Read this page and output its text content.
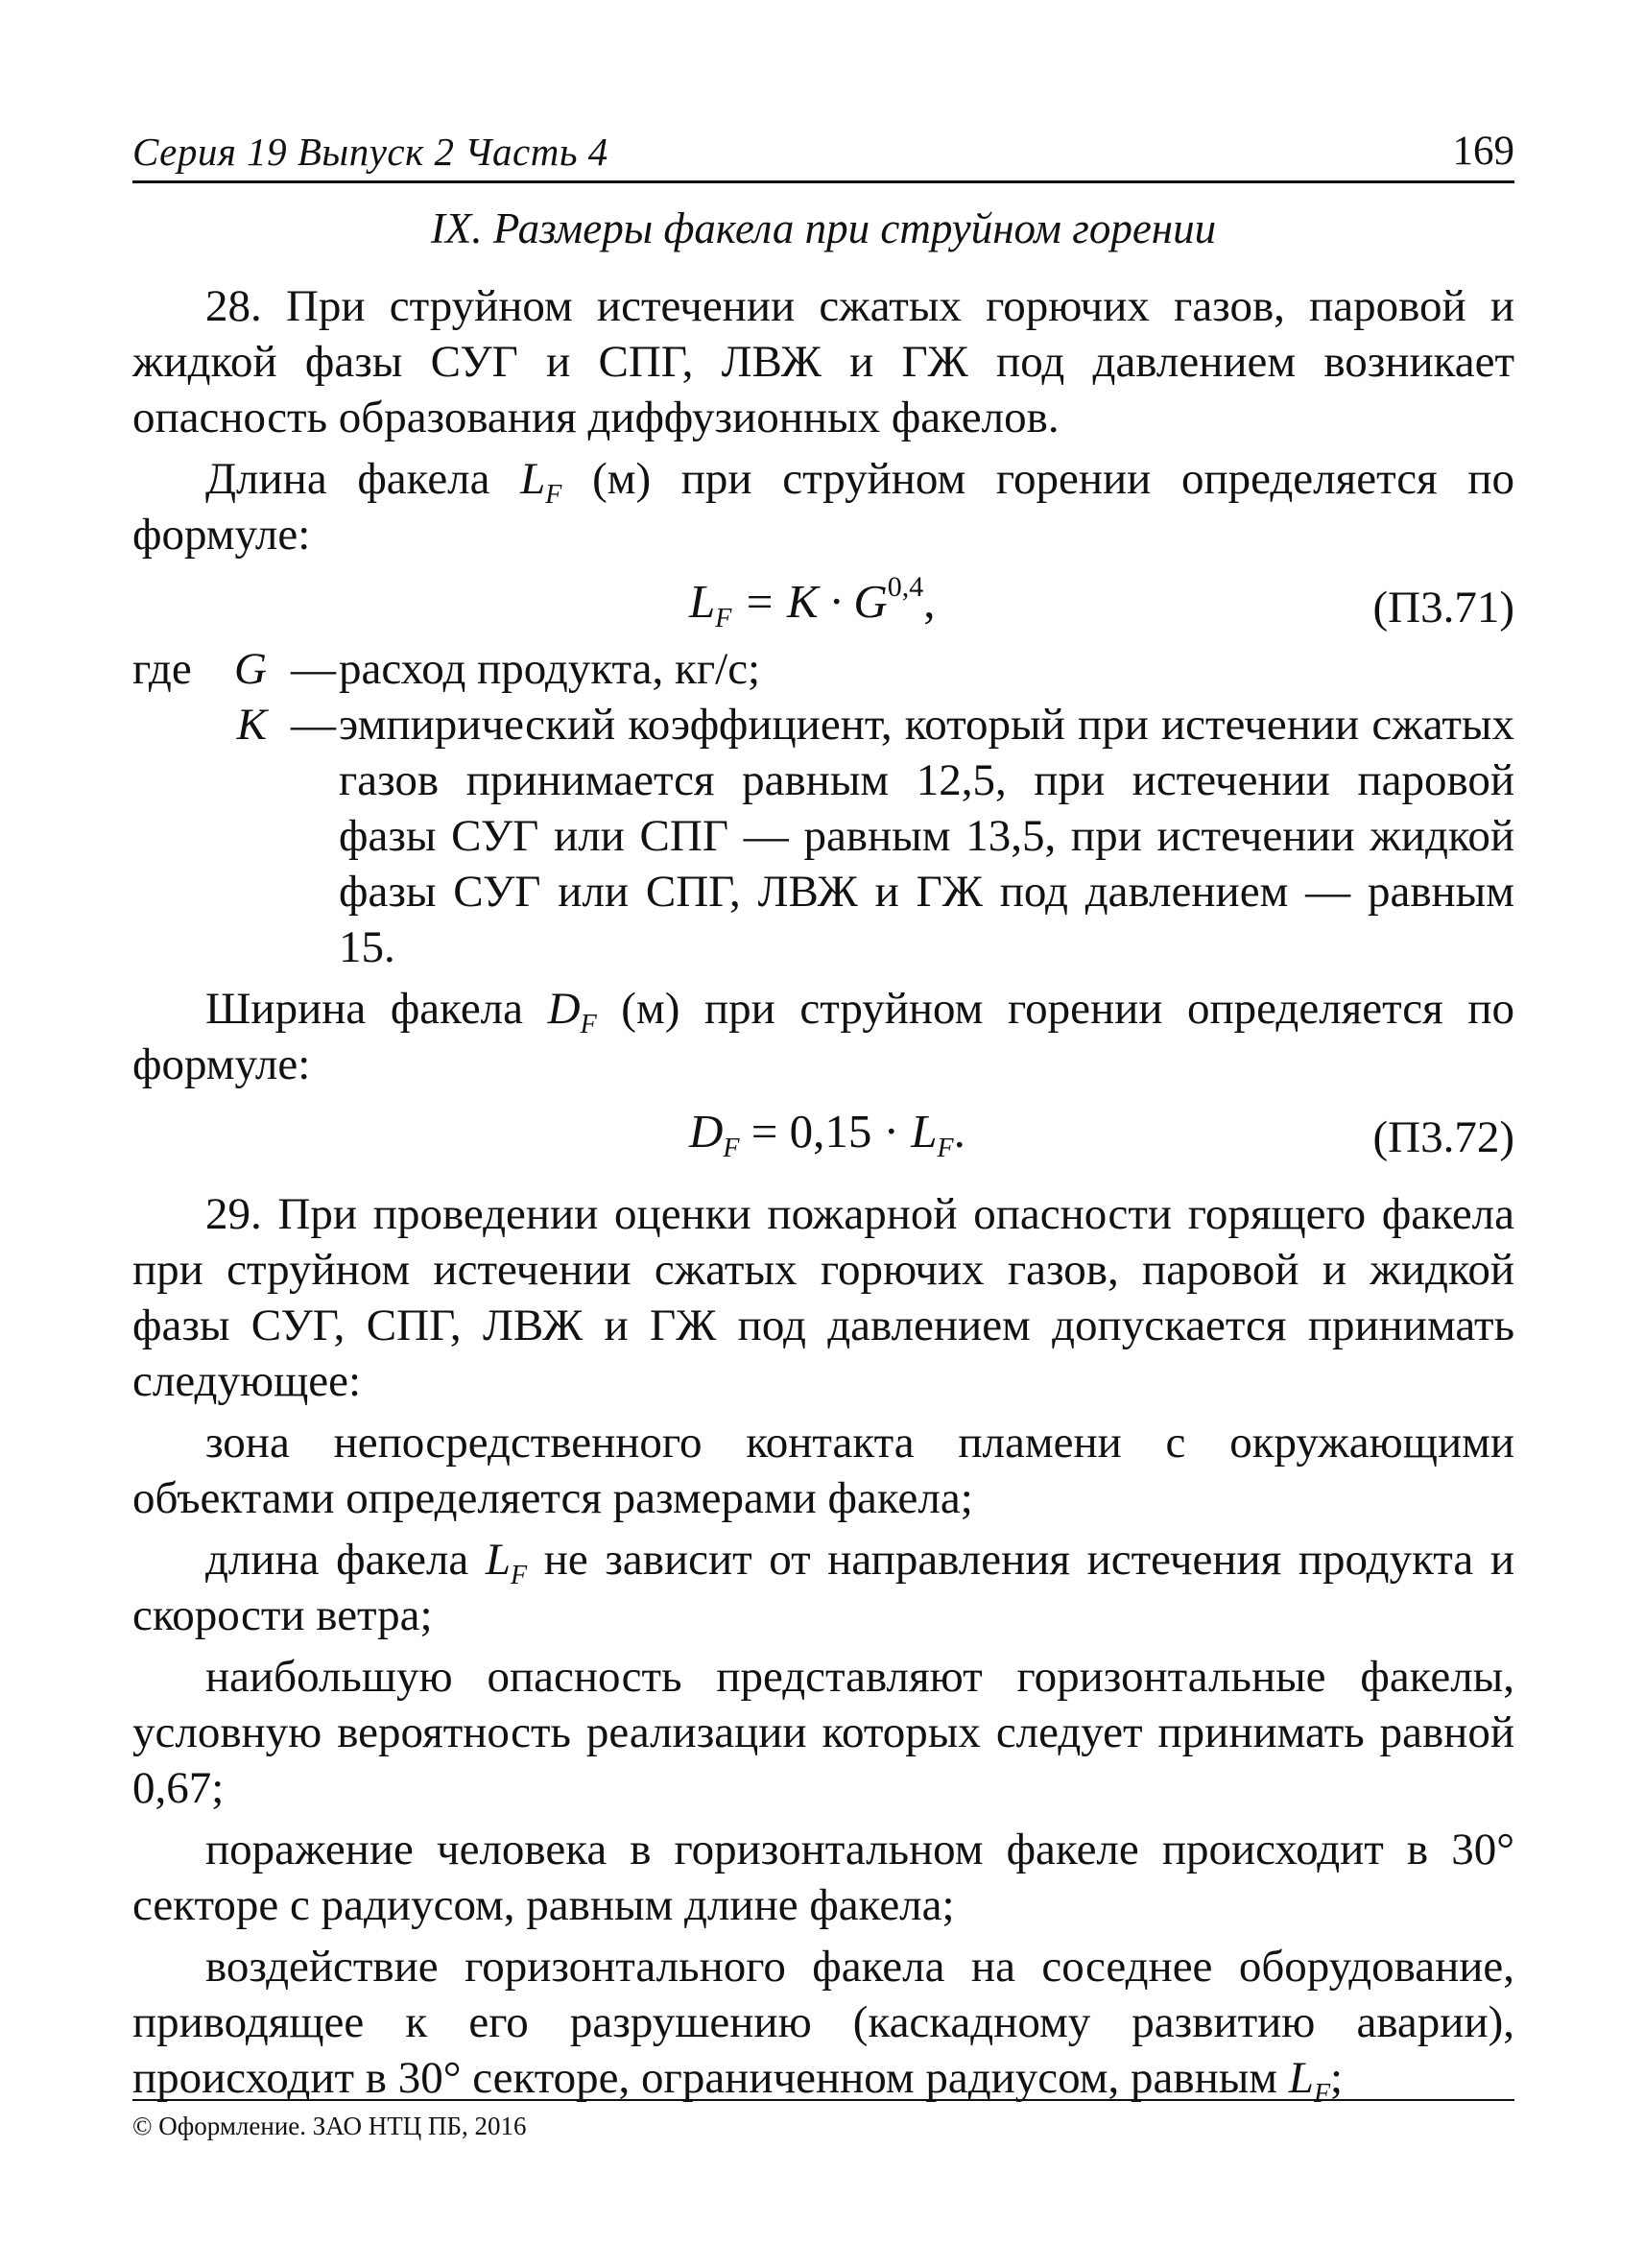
Серия 19 Выпуск 2 Часть 4	169
IX. Размеры факела при струйном горении

28. При струйном истечении сжатых горючих газов, паровой и жидкой фазы СУГ и СПГ, ЛВЖ и ГЖ под давлением возникает опасность образования диффузионных факелов.

Длина факела $L_F$ (м) при струйном горении определяется по формуле:

$L_F = K \cdot G^{0,4}$,	(П3.71)
где G —расход продукта, кг/с;
K —эмпирический коэффициент, который при истечении сжатых газов принимается равным 12,5, при истечении паровой фазы СУГ или СПГ — равным 13,5, при истечении жидкой фазы СУГ или СПГ, ЛВЖ и ГЖ под давлением — равным 15.

Ширина факела $D_F$ (м) при струйном горении определяется по формуле:

$D_F = 0,15 \cdot L_F$.	(П3.72)

29. При проведении оценки пожарной опасности горящего факела при струйном истечении сжатых горючих газов, паровой и жидкой фазы СУГ, СПГ, ЛВЖ и ГЖ под давлением допускается принимать следующее:

зона непосредственного контакта пламени с окружающими объектами определяется размерами факела;

длина факела $L_F$ не зависит от направления истечения продукта и скорости ветра;

наибольшую опасность представляют горизонтальные факелы, условную вероятность реализации которых следует принимать равной 0,67;

поражение человека в горизонтальном факеле происходит в 30° секторе с радиусом, равным длине факела;

воздействие горизонтального факела на соседнее оборудование, приводящее к его разрушению (каскадному развитию аварии), происходит в 30° секторе, ограниченном радиусом, равным $L_F$;

© Оформление. ЗАО НТЦ ПБ, 2016
